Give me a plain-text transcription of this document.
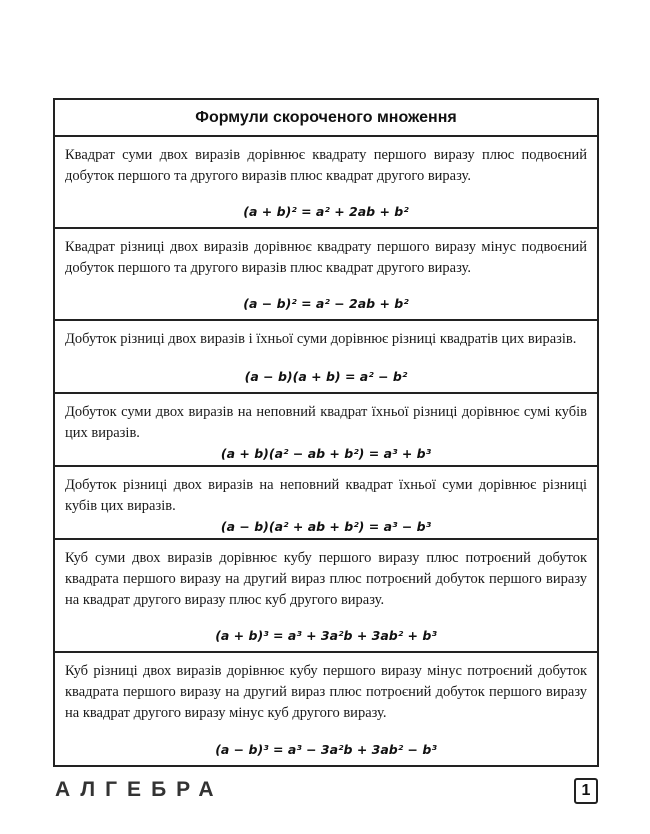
Формули скороченого множення
Квадрат суми двох виразів дорівнює квадрату першого виразу плюс подвоєний добуток першого та другого виразів плюс квадрат другого виразу.
(a + b)² = a² + 2ab + b²
Квадрат різниці двох виразів дорівнює квадрату першого виразу мінус подвоєний добуток першого та другого виразів плюс квадрат другого виразу.
(a − b)² = a² − 2ab + b²
Добуток різниці двох виразів і їхньої суми дорівнює різниці квадратів цих виразів.
(a − b)(a + b) = a² − b²
Добуток суми двох виразів на неповний квадрат їхньої різниці дорівнює сумі кубів цих виразів.
(a + b)(a² − ab + b²) = a³ + b³
Добуток різниці двох виразів на неповний квадрат їхньої суми дорівнює різниці кубів цих виразів.
(a − b)(a² + ab + b²) = a³ − b³
Куб суми двох виразів дорівнює кубу першого виразу плюс потроєний добуток квадрата першого виразу на другий вираз плюс потроєний добуток першого виразу на квадрат другого виразу плюс куб другого виразу.
(a + b)³ = a³ + 3a²b + 3ab² + b³
Куб різниці двох виразів дорівнює кубу першого виразу мінус потроєний добуток квадрата першого виразу на другий вираз плюс потроєний добуток першого виразу на квадрат другого виразу мінус куб другого виразу.
(a − b)³ = a³ − 3a²b + 3ab² − b³
АЛГЕБРА	1
